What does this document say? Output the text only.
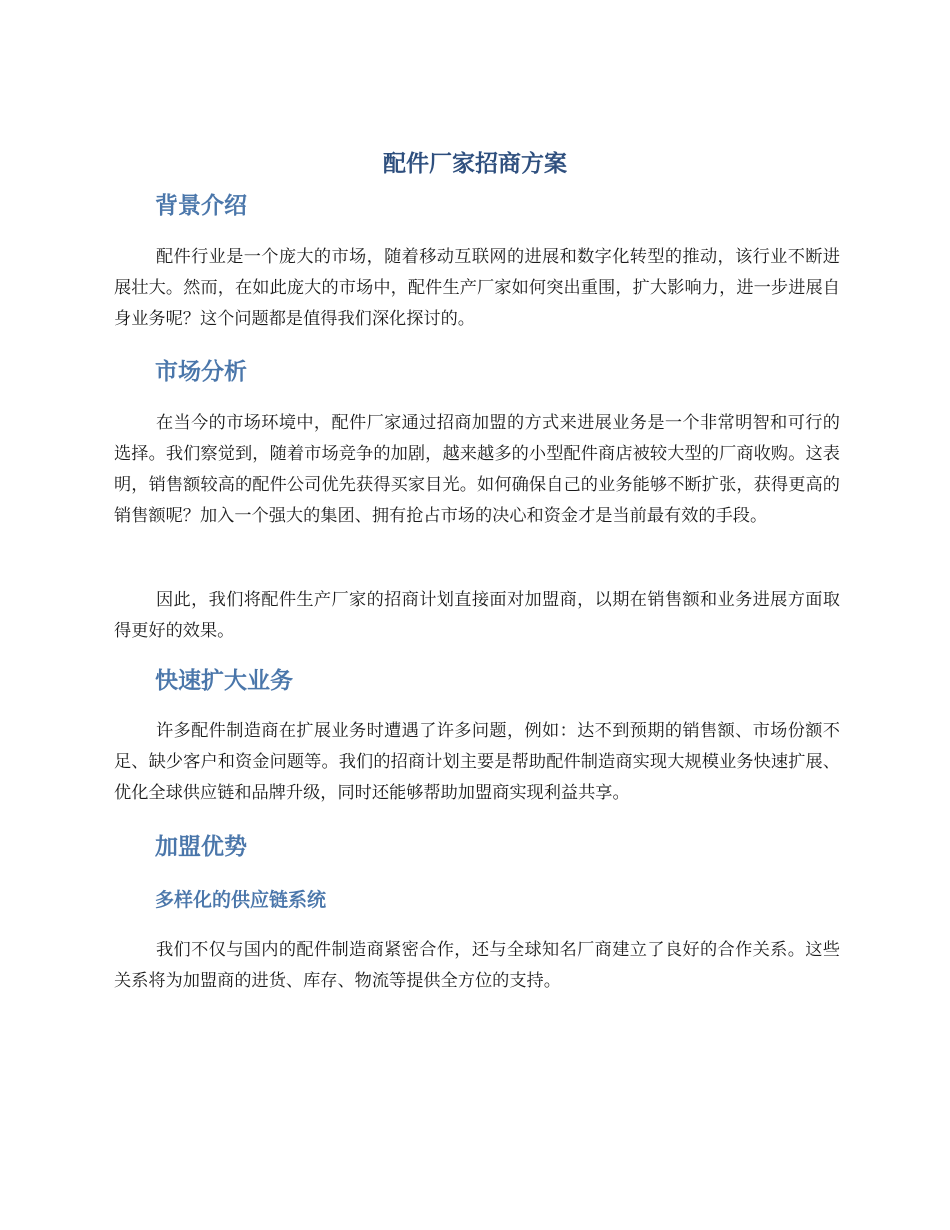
配件厂家招商方案
背景介绍

配件行业是一个庞大的市场，随着移动互联网的进展和数字化转型的推动，该行业不断进展壮大。然而，在如此庞大的市场中，配件生产厂家如何突出重围，扩大影响力，进一步进展自身业务呢？这个问题都是值得我们深化探讨的。

市场分析

在当今的市场环境中，配件厂家通过招商加盟的方式来进展业务是一个非常明智和可行的选择。我们察觉到，随着市场竞争的加剧，越来越多的小型配件商店被较大型的厂商收购。这表明，销售额较高的配件公司优先获得买家目光。如何确保自己的业务能够不断扩张，获得更高的销售额呢？加入一个强大的集团、拥有抢占市场的决心和资金才是当前最有效的手段。

因此，我们将配件生产厂家的招商计划直接面对加盟商，以期在销售额和业务进展方面取得更好的效果。

快速扩大业务

许多配件制造商在扩展业务时遭遇了许多问题，例如：达不到预期的销售额、市场份额不足、缺少客户和资金问题等。我们的招商计划主要是帮助配件制造商实现大规模业务快速扩展、优化全球供应链和品牌升级，同时还能够帮助加盟商实现利益共享。

加盟优势
多样化的供应链系统

我们不仅与国内的配件制造商紧密合作，还与全球知名厂商建立了良好的合作关系。这些关系将为加盟商的进货、库存、物流等提供全方位的支持。
